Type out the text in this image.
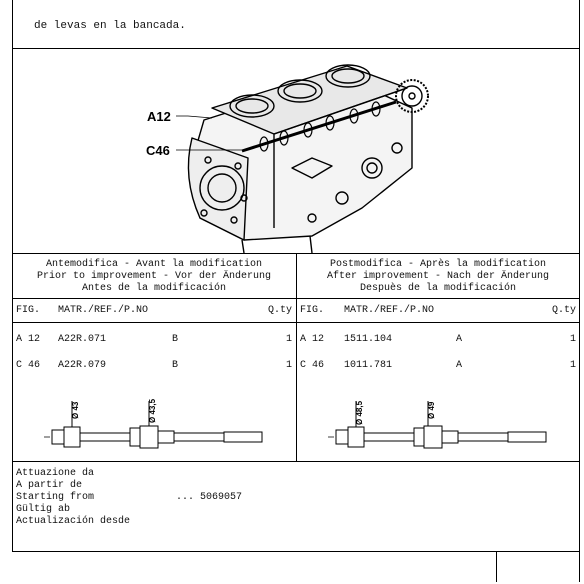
de levas en la bancada.
A12
C46
Antemodifica - Avant la modification
Prior to improvement - Vor der Änderung
Antes de la modificación
Postmodifica - Après la modification
After improvement - Nach der Änderung
Despuès de la modificación
FIG. MATR./REF./P.NO	Q.ty FIG. MATR./REF./P.NO	Q.ty
A 12 A22R.071	B	1
C 46 A22R.079	B	1
A 12 1511.104	A	1
C 46 1011.781	A	1
Ø 43	Ø 43,5	Ø 48,5	Ø 49
Attuazione da
A partir de
Starting from	... 5069057
Gültig ab
Actualización desde
